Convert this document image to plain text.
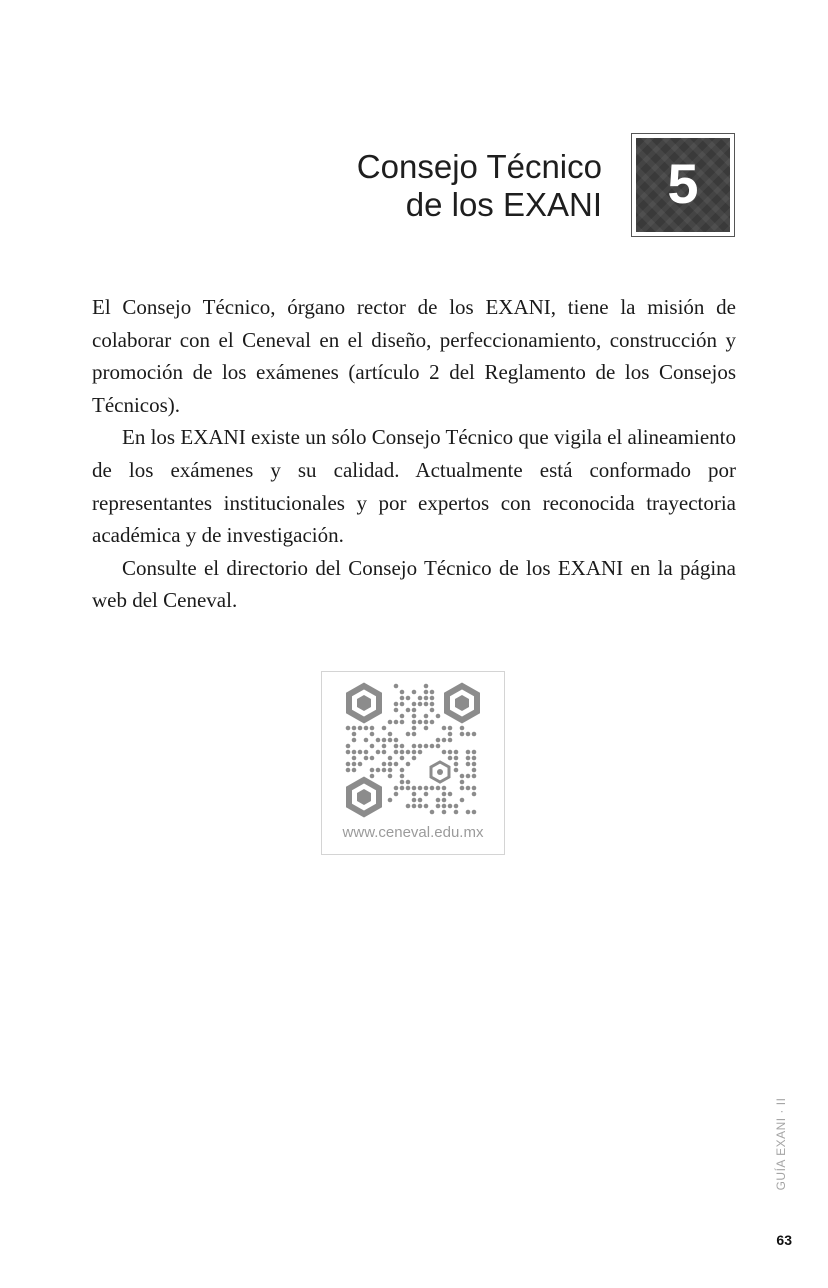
Consejo Técnico
de los EXANI	5

El Consejo Técnico, órgano rector de los EXANI, tiene la misión de colaborar con el Ceneval en el diseño, perfeccionamiento, construcción y promoción de los exámenes (artículo 2 del Reglamento de los Consejos Técnicos).

En los EXANI existe un sólo Consejo Técnico que vigila el alineamiento de los exámenes y su calidad. Actualmente está conformado por representantes institucionales y por expertos con reconocida trayectoria académica y de investigación.

Consulte el directorio del Consejo Técnico de los EXANI en la página web del Ceneval.

www.ceneval.edu.mx
GUÍA EXANI · II
63
